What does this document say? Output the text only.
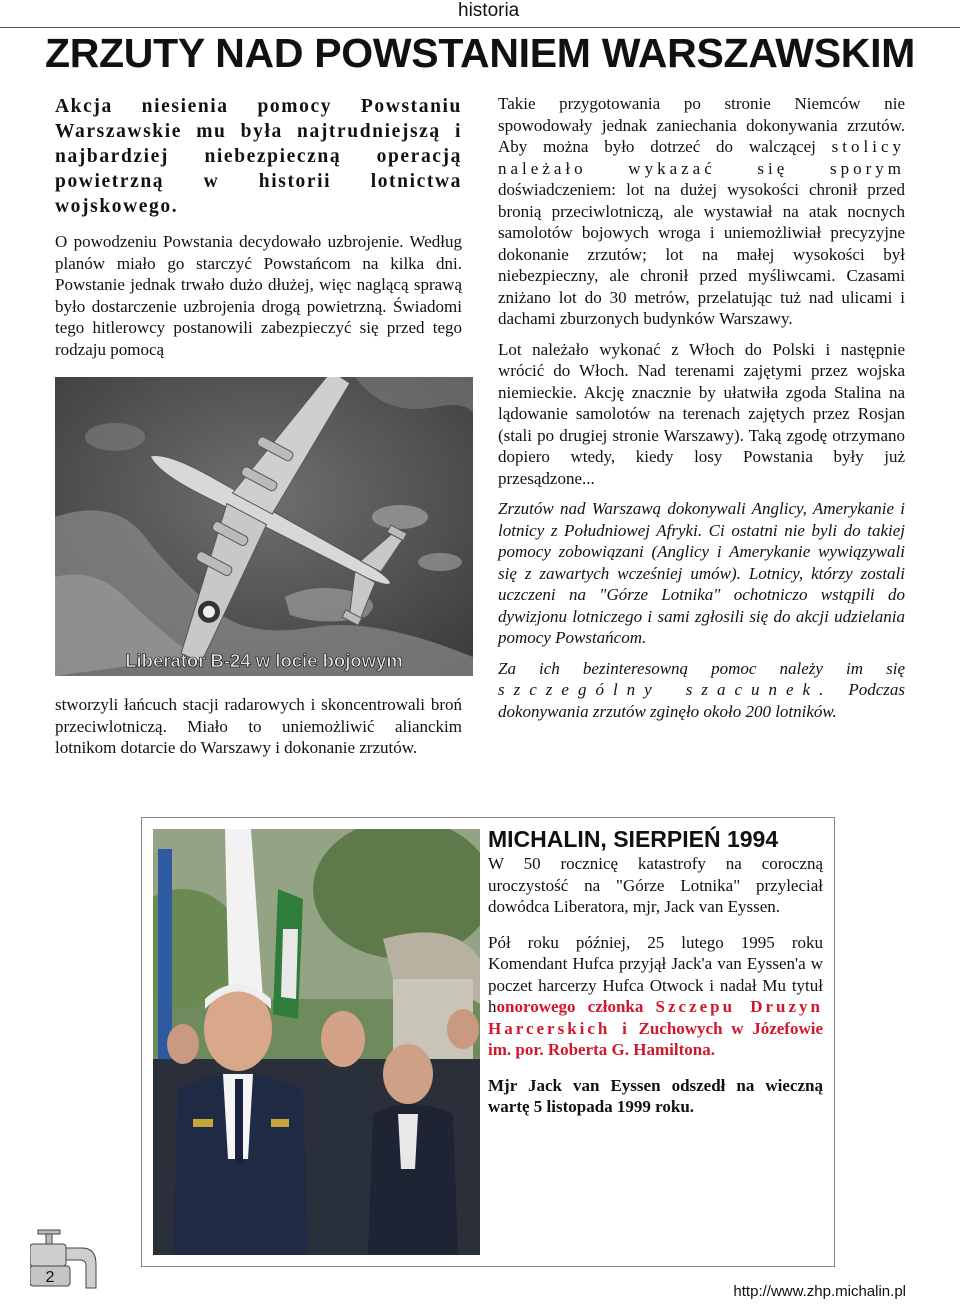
historia
ZRZUTY NAD POWSTANIEM WARSZAWSKIM

Akcja niesienia pomocy Powstaniu Warszawskie mu była najtrudniejszą i najbardziej niebezpieczną operacją powietrzną w historii lotnictwa wojskowego.

O powodzeniu Powstania decydowało uzbrojenie. Według planów miało go starczyć Powstańcom na kilka dni. Powstanie jednak trwało dużo dłużej, więc naglącą sprawą było dostarczenie uzbrojenia drogą powietrzną. Świadomi tego hitlerowcy postanowili zabezpieczyć się przed tego rodzaju pomocą

Liberator B-24 w locie bojowym

stworzyli łańcuch stacji radarowych i skoncentrowali broń przeciwlotniczą. Miało to uniemożliwić alianckim lotnikom dotarcie do Warszawy i dokonanie zrzutów.

Takie przygotowania po stronie Niemców nie spowodowały jednak zaniechania dokonywania zrzutów. Aby można było dotrzeć do walczącej stolicy należało wykazać się sporym doświadczeniem: lot na dużej wysokości chronił przed bronią przeciwlotniczą, ale wystawiał na atak nocnych samolotów bojowych wroga i uniemożliwiał precyzyjne dokonanie zrzutów; lot na małej wysokości był niebezpieczny, ale chronił przed myśliwcami. Czasami zniżano lot do 30 metrów, przelatując tuż nad ulicami i dachami zburzonych budynków Warszawy.

Lot należało wykonać z Włoch do Polski i następnie wrócić do Włoch. Nad terenami zajętymi przez wojska niemieckie. Akcję znacznie by ułatwiła zgoda Stalina na lądowanie samolotów na terenach zajętych przez Rosjan (stali po drugiej stronie Warszawy). Taką zgodę otrzymano dopiero wtedy, kiedy losy Powstania były już przesądzone...

Zrzutów nad Warszawą dokonywali Anglicy, Amerykanie i lotnicy z Południowej Afryki. Ci ostatni nie byli do takiej pomocy zobowiązani (Anglicy i Amerykanie wywiązywali się z zawartych wcześniej umów). Lotnicy, którzy zostali uczczeni na "Górze Lotnika" ochotniczo wstąpili do dywizjonu lotniczego i sami zgłosili się do akcji udzielania pomocy Powstańcom.

Za ich bezinteresowną pomoc należy im się szczególny szacunek. Podczas dokonywania zrzutów zginęło około 200 lotników.

MICHALIN, SIERPIEŃ 1994

W 50 rocznicę katastrofy na coroczną uroczystość na "Górze Lotnika" przyleciał dowódca Liberatora, mjr, Jack van Eyssen.

Pół roku później, 25 lutego 1995 roku Komendant Hufca przyjął Jack'a van Eyssen'a w poczet harcerzy Hufca Otwock i nadał Mu tytuł honorowego członka Szczepu Druzyn Harcerskich i Zuchowych w Józefowie im. por. Roberta G. Hamiltona.

Mjr Jack van Eyssen odszedł na wieczną wartę 5 listopada 1999 roku.

2
http://www.zhp.michalin.pl
